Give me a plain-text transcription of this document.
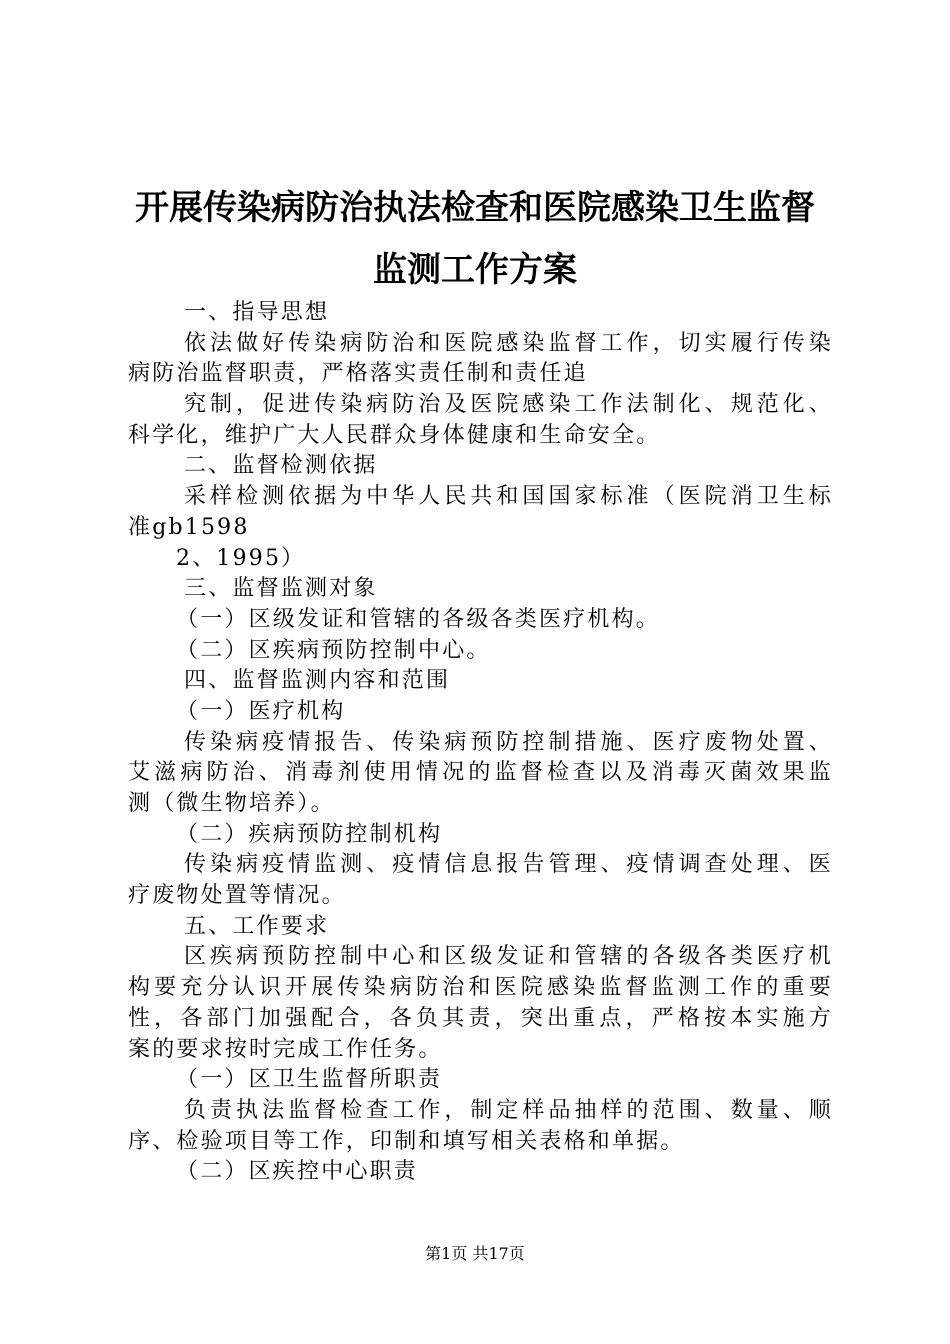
开展传染病防治执法检查和医院感染卫生监督
监测工作方案
一、指导思想
依法做好传染病防治和医院感染监督工作，切实履行传染
病防治监督职责，严格落实责任制和责任追
究制，促进传染病防治及医院感染工作法制化、规范化、
科学化，维护广大人民群众身体健康和生命安全。
二、监督检测依据
采样检测依据为中华人民共和国国家标准（医院消卫生标
准gb1598
2、1995）
三、监督监测对象
（一）区级发证和管辖的各级各类医疗机构。
（二）区疾病预防控制中心。
四、监督监测内容和范围
（一）医疗机构
传染病疫情报告、传染病预防控制措施、医疗废物处置、
艾滋病防治、消毒剂使用情况的监督检查以及消毒灭菌效果监
测（微生物培养）。
（二）疾病预防控制机构
传染病疫情监测、疫情信息报告管理、疫情调查处理、医
疗废物处置等情况。
五、工作要求
区疾病预防控制中心和区级发证和管辖的各级各类医疗机
构要充分认识开展传染病防治和医院感染监督监测工作的重要
性，各部门加强配合，各负其责，突出重点，严格按本实施方
案的要求按时完成工作任务。
（一）区卫生监督所职责
负责执法监督检查工作，制定样品抽样的范围、数量、顺
序、检验项目等工作，印制和填写相关表格和单据。
（二）区疾控中心职责
第1页 共17页
